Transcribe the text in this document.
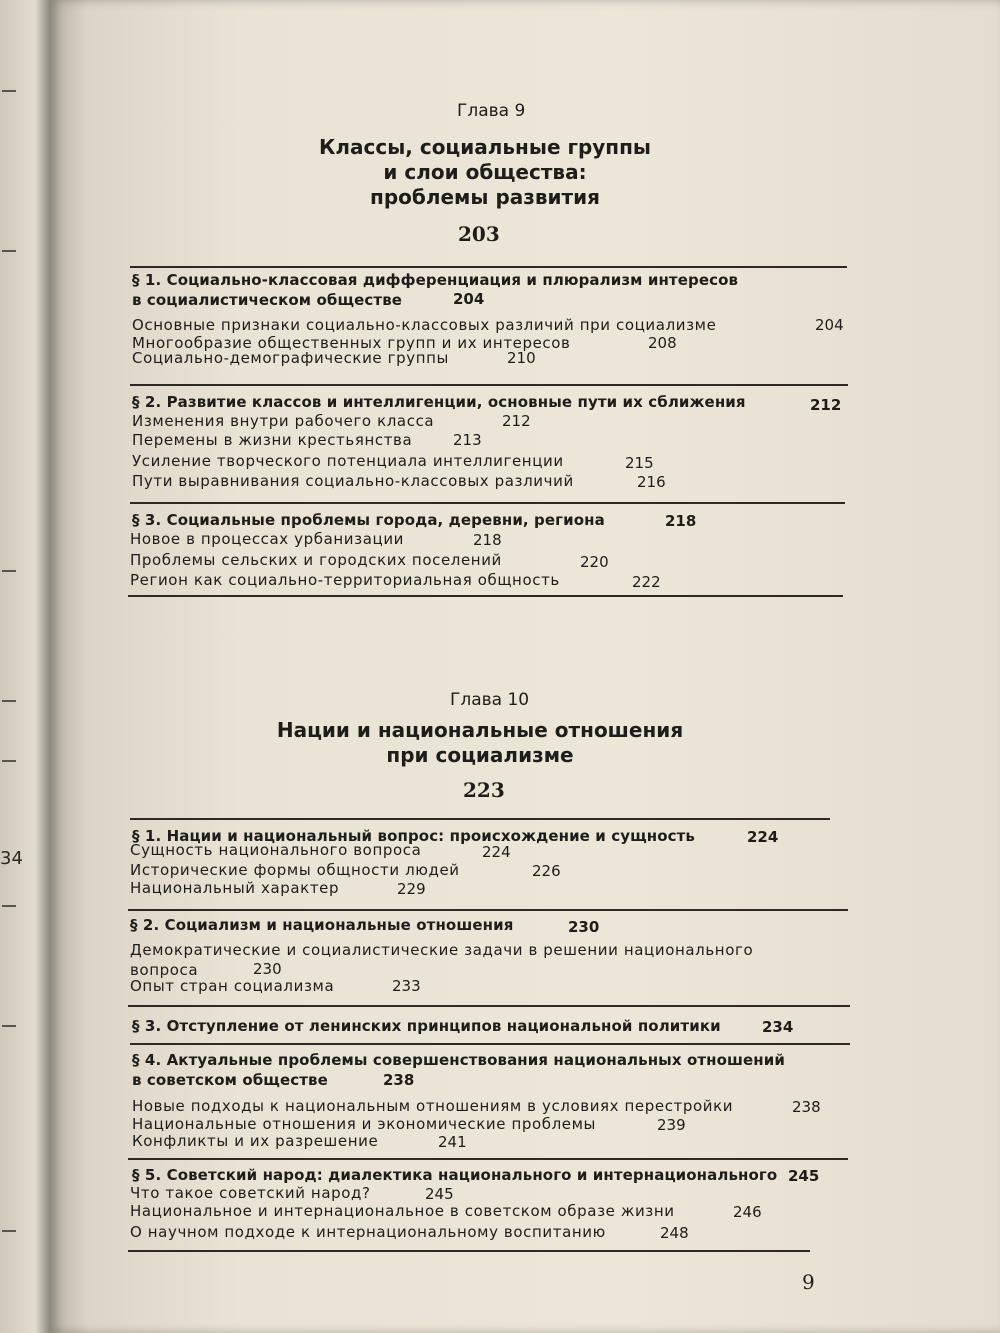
34
Глава 9
Классы, социальные группы
и слои общества:
проблемы развития
203
§ 1. Социально-классовая дифференциация и плюрализм интересов
в социалистическом обществе	204
Основные признаки социально-классовых различий при социализме	204
Многообразие общественных групп и их интересов	208
Социально-демографические группы	210
§ 2. Развитие классов и интеллигенции, основные пути их сближения	212
Изменения внутри рабочего класса	212
Перемены в жизни крестьянства	213
Усиление творческого потенциала интеллигенции	215
Пути выравнивания социально-классовых различий	216
§ 3. Социальные проблемы города, деревни, региона	218
Новое в процессах урбанизации	218
Проблемы сельских и городских поселений	220
Регион как социально-территориальная общность	222
Глава 10
Нации и национальные отношения
при социализме
223
§ 1. Нации и национальный вопрос: происхождение и сущность	224
Сущность национального вопроса	224
Исторические формы общности людей	226
Национальный характер	229
§ 2. Социализм и национальные отношения	230
Демократические и социалистические задачи в решении национального
вопроса	230
Опыт стран социализма	233
§ 3. Отступление от ленинских принципов национальной политики	234
§ 4. Актуальные проблемы совершенствования национальных отношений
в советском обществе	238
Новые подходы к национальным отношениям в условиях перестройки	238
Национальные отношения и экономические проблемы	239
Конфликты и их разрешение	241
§ 5. Советский народ: диалектика национального и интернационального 245
Что такое советский народ?	245
Национальное и интернациональное в советском образе жизни	246
О научном подходе к интернациональному воспитанию	248
9
